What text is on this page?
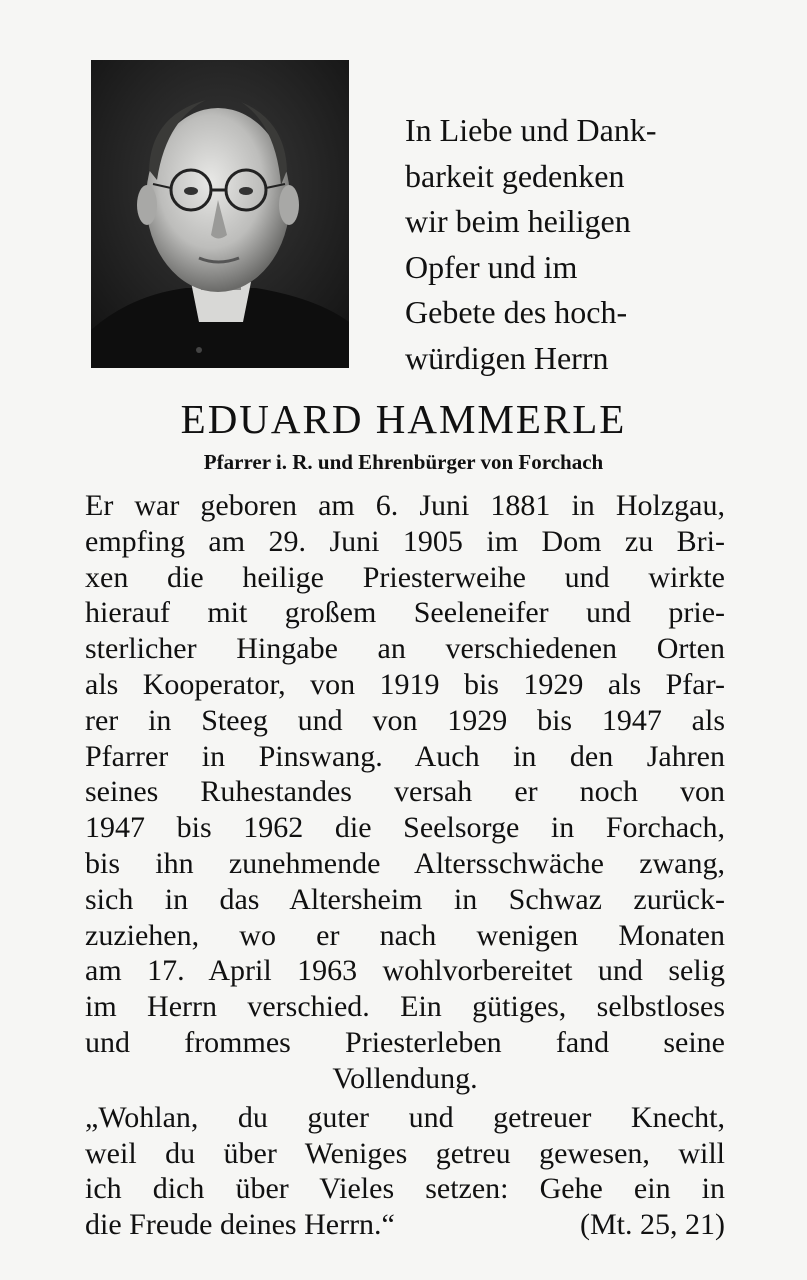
In Liebe und Dank-
barkeit gedenken
wir beim heiligen
Opfer und im
Gebete des hoch-
würdigen Herrn
EDUARD HAMMERLE
Pfarrer i. R. und Ehrenbürger von Forchach
Er war geboren am 6. Juni 1881 in Holzgau,
empfing am 29. Juni 1905 im Dom zu Bri-
xen die heilige Priesterweihe und wirkte
hierauf mit großem Seeleneifer und prie-
sterlicher Hingabe an verschiedenen Orten
als Kooperator, von 1919 bis 1929 als Pfar-
rer in Steeg und von 1929 bis 1947 als
Pfarrer in Pinswang. Auch in den Jahren
seines Ruhestandes versah er noch von
1947 bis 1962 die Seelsorge in Forchach,
bis ihn zunehmende Altersschwäche zwang,
sich in das Altersheim in Schwaz zurück-
zuziehen, wo er nach wenigen Monaten
am 17. April 1963 wohlvorbereitet und selig
im Herrn verschied. Ein gütiges, selbstloses
und frommes Priesterleben fand seine
Vollendung.
„Wohlan, du guter und getreuer Knecht,
weil du über Weniges getreu gewesen, will
ich dich über Vieles setzen: Gehe ein in
die Freude deines Herrn.“	(Mt. 25, 21)
